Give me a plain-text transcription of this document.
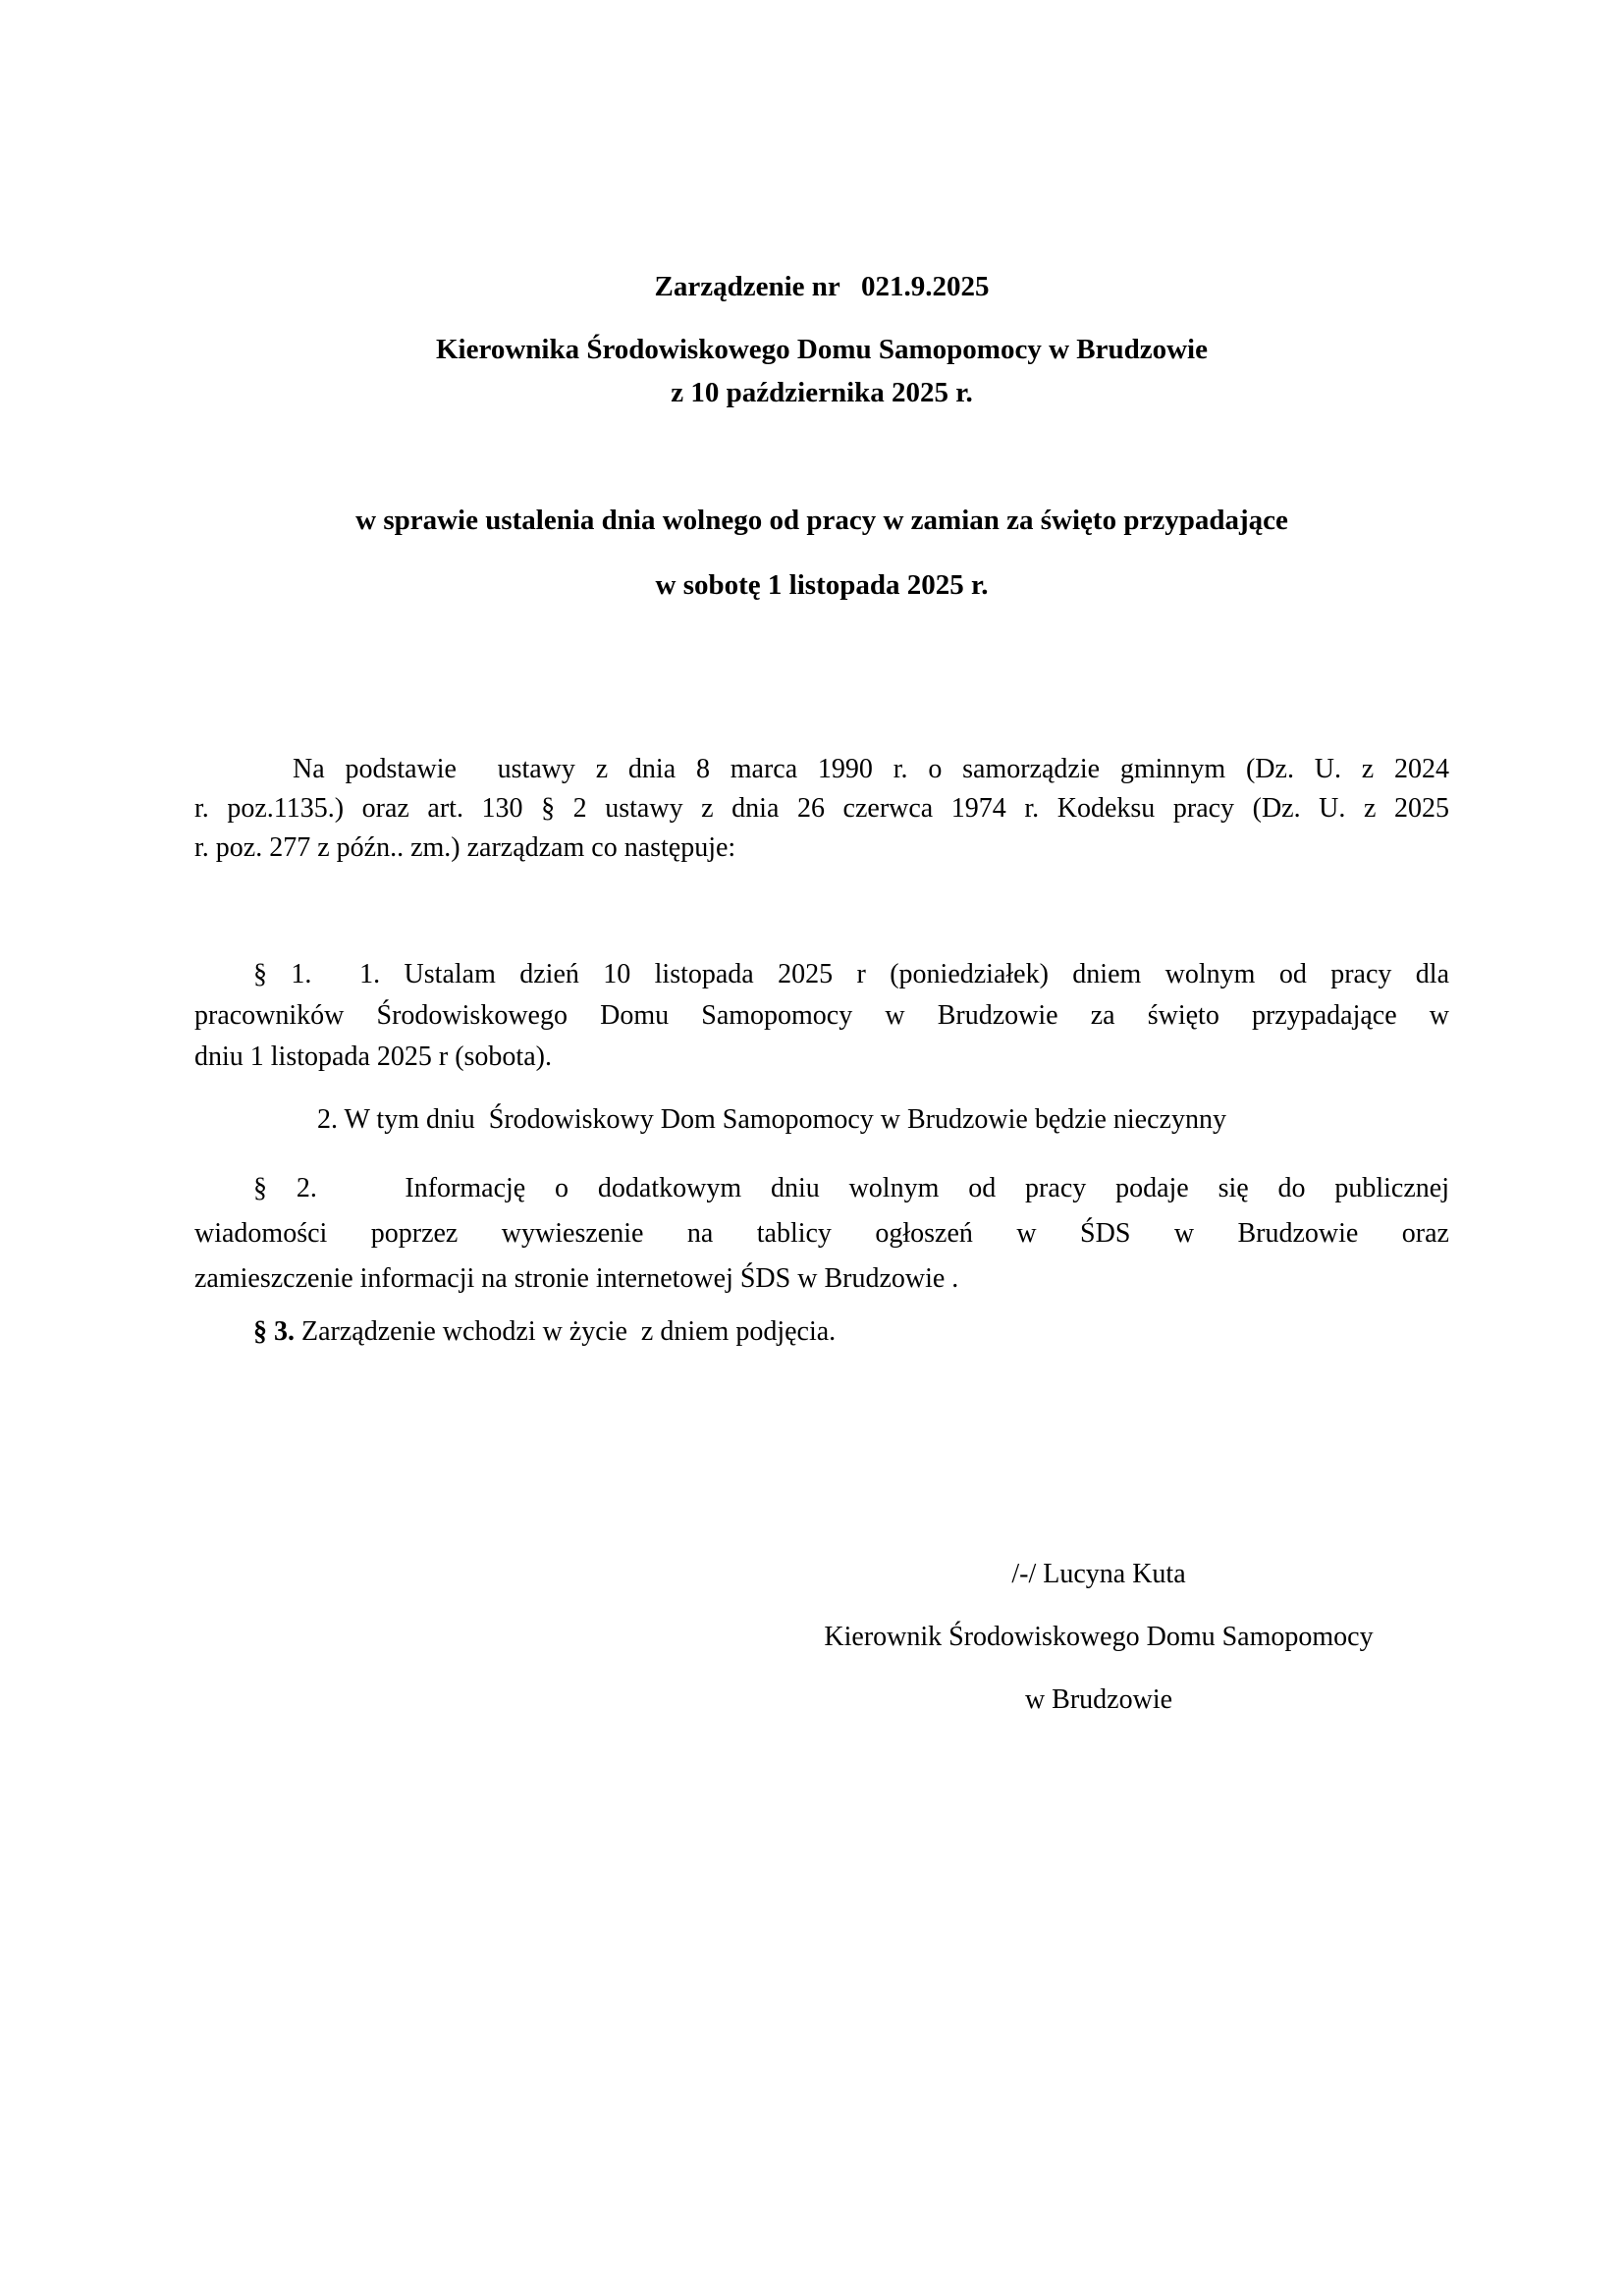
Zarządzenie nr   021.9.2025
Kierownika Środowiskowego Domu Samopomocy w Brudzowie
z 10 października 2025 r.
w sprawie ustalenia dnia wolnego od pracy w zamian za święto przypadające
w sobotę 1 listopada 2025 r.
Na podstawie  ustawy z dnia 8 marca 1990 r. o samorządzie gminnym (Dz. U. z 2024
r. poz.1135.) oraz art. 130 § 2 ustawy z dnia 26 czerwca 1974 r. Kodeksu pracy (Dz. U. z 2025
r. poz. 277 z późn.. zm.) zarządzam co następuje:
§ 1.  1. Ustalam dzień 10 listopada 2025 r (poniedziałek) dniem wolnym od pracy dla
pracowników Środowiskowego Domu Samopomocy w Brudzowie za święto przypadające w
dniu 1 listopada 2025 r (sobota).
2. W tym dniu  Środowiskowy Dom Samopomocy w Brudzowie będzie nieczynny
§ 2.   Informację o dodatkowym dniu wolnym od pracy podaje się do publicznej
wiadomości poprzez wywieszenie na tablicy ogłoszeń w ŚDS w Brudzowie oraz
zamieszczenie informacji na stronie internetowej ŚDS w Brudzowie .
§ 3. Zarządzenie wchodzi w życie  z dniem podjęcia.
/-/ Lucyna Kuta
Kierownik Środowiskowego Domu Samopomocy
w Brudzowie
